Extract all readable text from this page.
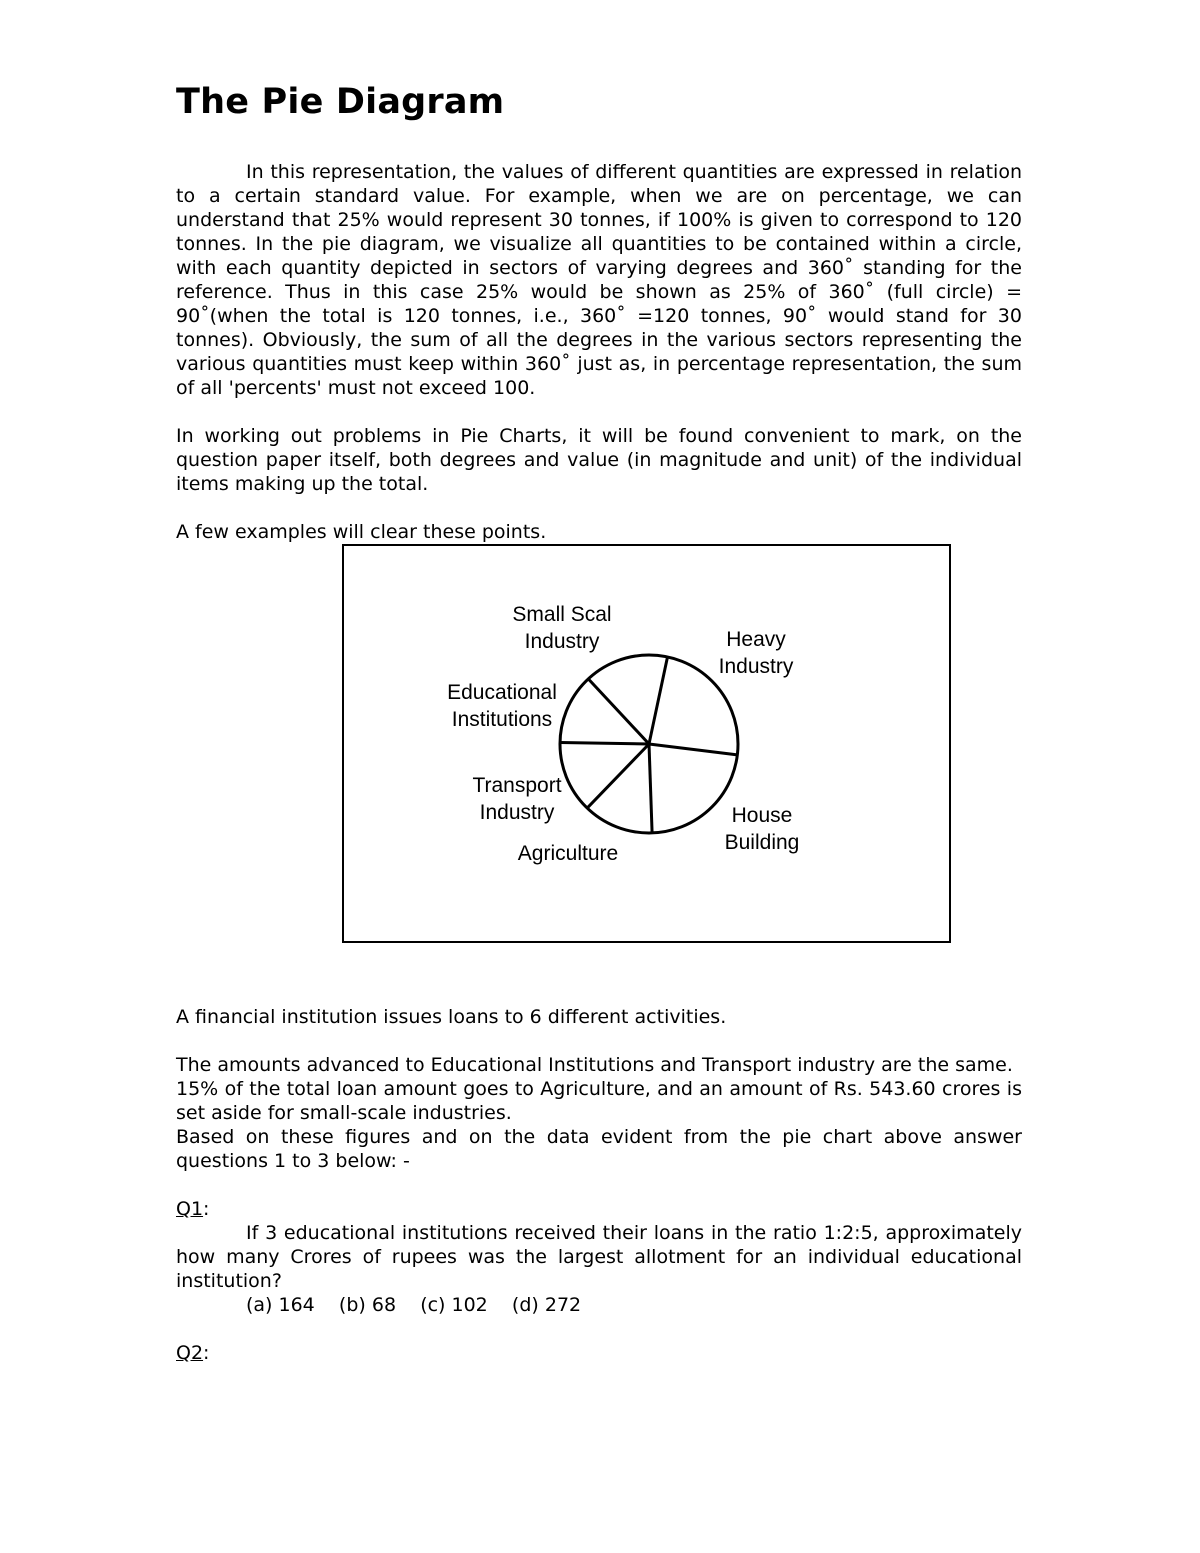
The Pie Diagram

In this representation, the values of different quantities are expressed in relation to a certain standard value. For example, when we are on percentage, we can understand that 25% would represent 30 tonnes, if 100% is given to correspond to 120 tonnes. In the pie diagram, we visualize all quantities to be contained within a circle, with each quantity depicted in sectors of varying degrees and 360˚ standing for the reference. Thus in this case 25% would be shown as 25% of 360˚ (full circle) = 90˚(when the total is 120 tonnes, i.e., 360˚ =120 tonnes, 90˚ would stand for 30 tonnes). Obviously, the sum of all the degrees in the various sectors representing the various quantities must keep within 360˚ just as, in percentage representation, the sum of all 'percents' must not exceed 100.

In working out problems in Pie Charts, it will be found convenient to mark, on the question paper itself, both degrees and value (in magnitude and unit) of the individual items making up the total.

A few examples will clear these points.

Small Scal Industry	Heavy Industry
House Building
Agriculture
Transport Industry
Educational Institutions

A financial institution issues loans to 6 different activities.

The amounts advanced to Educational Institutions and Transport industry are the same.

15% of the total loan amount goes to Agriculture, and an amount of Rs. 543.60 crores is set aside for small-scale industries.

Based on these figures and on the data evident from the pie chart above answer questions 1 to 3 below: -

Q1:

If 3 educational institutions received their loans in the ratio 1:2:5, approximately how many Crores of rupees was the largest allotment for an individual educational institution?

(a) 164    (b) 68    (c) 102    (d) 272

Q2:
